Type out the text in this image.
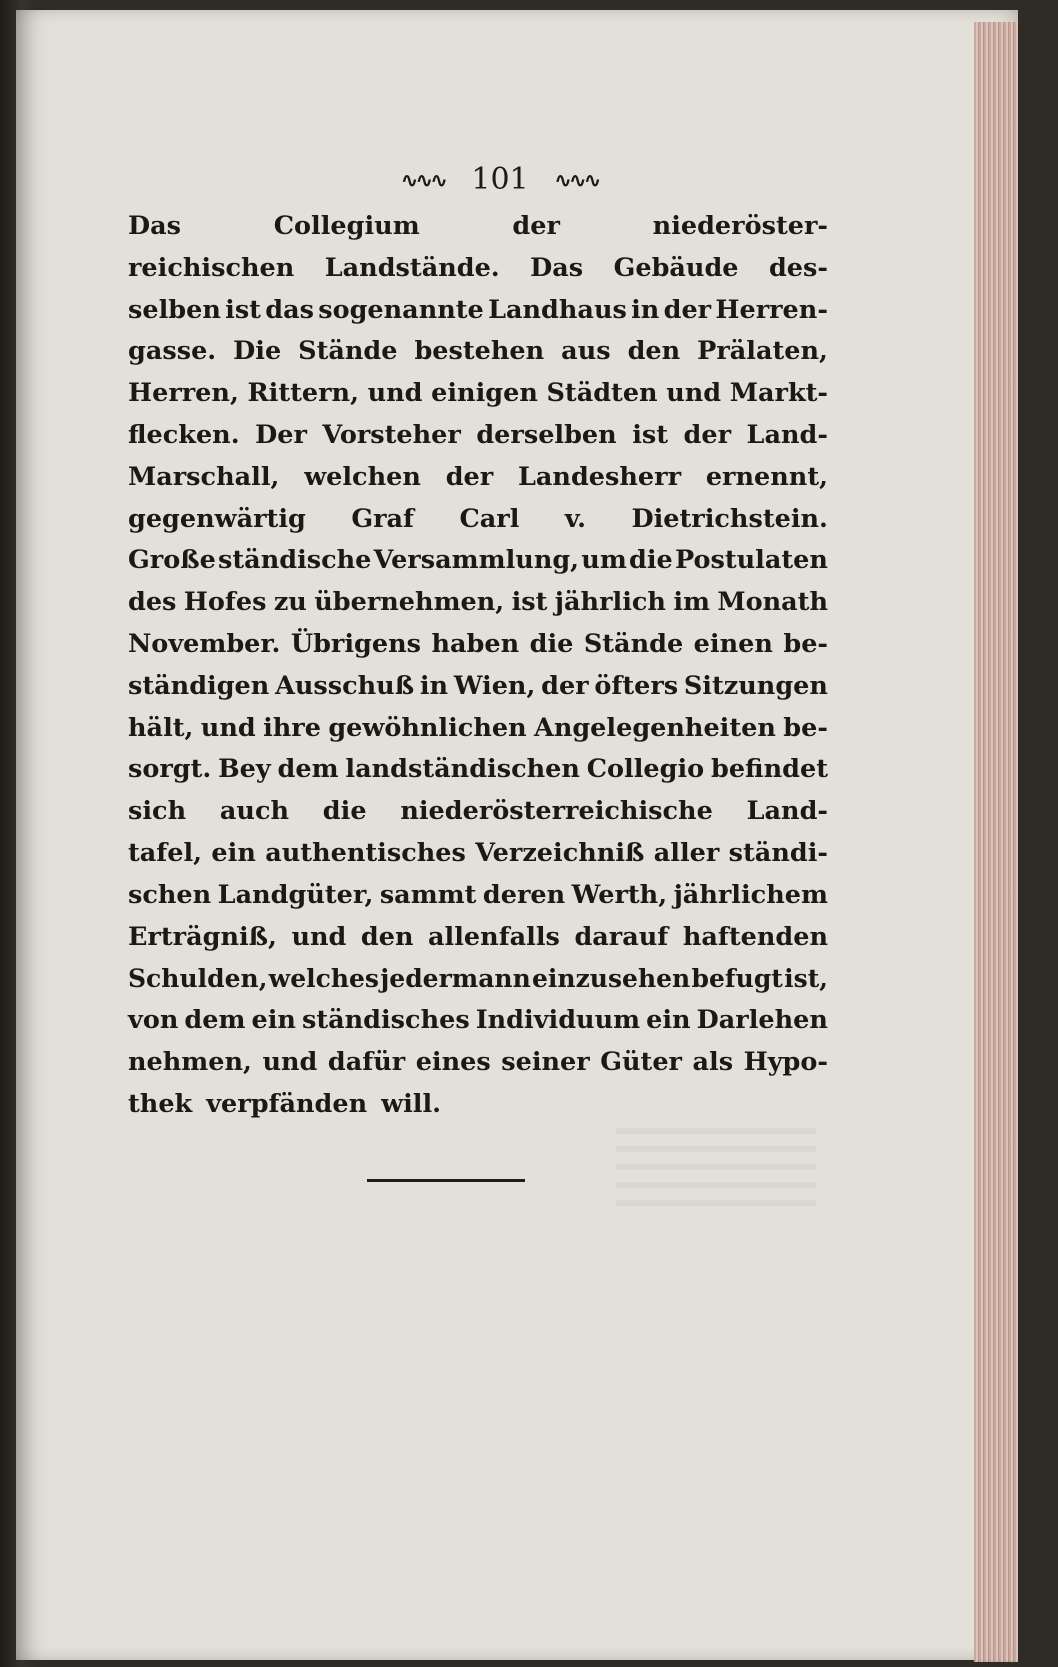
∿∿∿ 101 ∿∿∿
Das	Collegium	der	niederöster-
reichischen Landstände. Das Gebäude des-
selben ist das sogenannte Landhaus in der Herren-
gasse. Die Stände bestehen aus den Prälaten,
Herren, Rittern, und einigen Städten und Markt-
flecken. Der Vorsteher derselben ist der Land-
Marschall, welchen der Landesherr ernennt,
gegenwärtig Graf Carl v. Dietrichstein.
Große ständische Versammlung, um die Postulaten
des Hofes zu übernehmen, ist jährlich im Monath
November. Übrigens haben die Stände einen be-
ständigen Ausschuß in Wien, der öfters Sitzungen
hält, und ihre gewöhnlichen Angelegenheiten be-
sorgt. Bey dem landständischen Collegio befindet
sich auch die niederösterreichische Land-
tafel, ein authentisches Verzeichniß aller ständi-
schen Landgüter, sammt deren Werth, jährlichem
Erträgniß, und den allenfalls darauf haftenden
Schulden, welches jedermann einzusehen befugt ist,
von dem ein ständisches Individuum ein Darlehen
nehmen, und dafür eines seiner Güter als Hypo-
thek verpfänden will.
